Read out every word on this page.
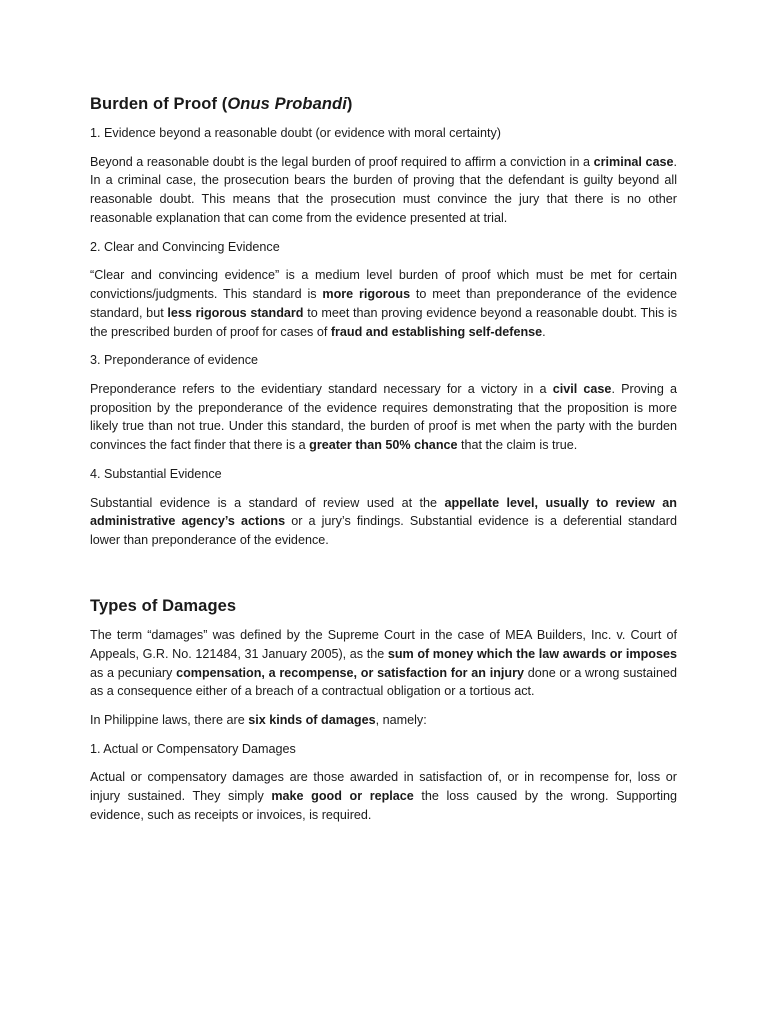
Burden of Proof (Onus Probandi)
1. Evidence beyond a reasonable doubt (or evidence with moral certainty)

Beyond a reasonable doubt is the legal burden of proof required to affirm a conviction in a criminal case. In a criminal case, the prosecution bears the burden of proving that the defendant is guilty beyond all reasonable doubt. This means that the prosecution must convince the jury that there is no other reasonable explanation that can come from the evidence presented at trial.

2. Clear and Convincing Evidence

“Clear and convincing evidence” is a medium level burden of proof which must be met for certain convictions/judgments. This standard is more rigorous to meet than preponderance of the evidence standard, but less rigorous standard to meet than proving evidence beyond a reasonable doubt. This is the prescribed burden of proof for cases of fraud and establishing self-defense.

3. Preponderance of evidence

Preponderance refers to the evidentiary standard necessary for a victory in a civil case. Proving a proposition by the preponderance of the evidence requires demonstrating that the proposition is more likely true than not true. Under this standard, the burden of proof is met when the party with the burden convinces the fact finder that there is a greater than 50% chance that the claim is true.

4. Substantial Evidence

Substantial evidence is a standard of review used at the appellate level, usually to review an administrative agency’s actions or a jury’s findings. Substantial evidence is a deferential standard lower than preponderance of the evidence.

Types of Damages

The term “damages” was defined by the Supreme Court in the case of MEA Builders, Inc. v. Court of Appeals, G.R. No. 121484, 31 January 2005), as the sum of money which the law awards or imposes as a pecuniary compensation, a recompense, or satisfaction for an injury done or a wrong sustained as a consequence either of a breach of a contractual obligation or a tortious act.

In Philippine laws, there are six kinds of damages, namely:

1. Actual or Compensatory Damages

Actual or compensatory damages are those awarded in satisfaction of, or in recompense for, loss or injury sustained. They simply make good or replace the loss caused by the wrong. Supporting evidence, such as receipts or invoices, is required.
